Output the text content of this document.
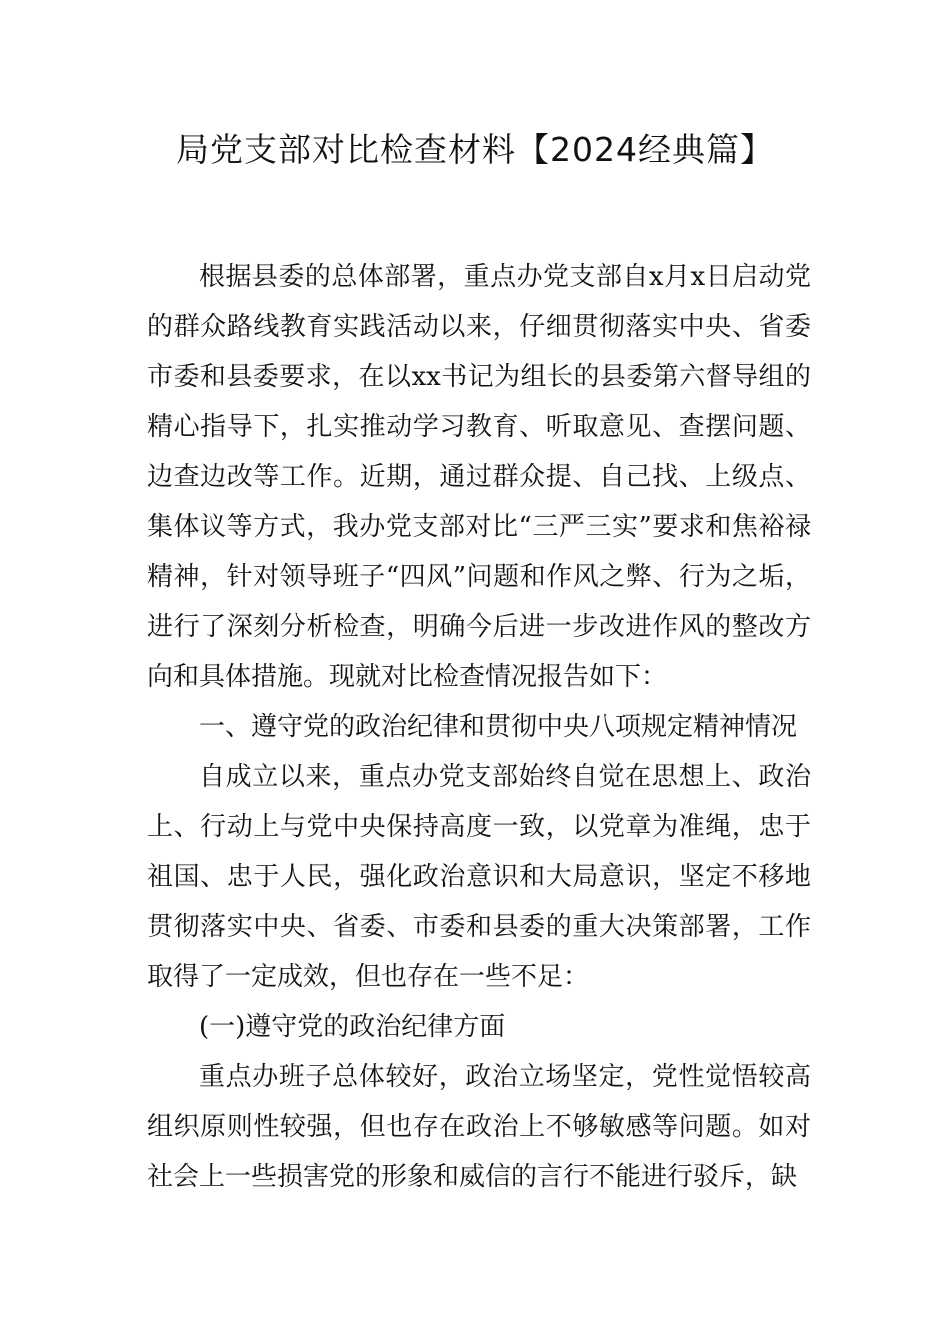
局党支部对比检查材料【2024经典篇】

根据县委的总体部署，重点办党支部自x月x日启动党的群众路线教育实践活动以来，仔细贯彻落实中央、省委市委和县委要求，在以xx书记为组长的县委第六督导组的精心指导下，扎实推动学习教育、听取意见、查摆问题、边查边改等工作。近期，通过群众提、自己找、上级点、集体议等方式，我办党支部对比“三严三实”要求和焦裕禄精神，针对领导班子“四风”问题和作风之弊、行为之垢，进行了深刻分析检查，明确今后进一步改进作风的整改方向和具体措施。现就对比检查情况报告如下：

一、遵守党的政治纪律和贯彻中央八项规定精神情况

自成立以来，重点办党支部始终自觉在思想上、政治上、行动上与党中央保持高度一致，以党章为准绳，忠于祖国、忠于人民，强化政治意识和大局意识，坚定不移地贯彻落实中央、省委、市委和县委的重大决策部署，工作取得了一定成效，但也存在一些不足：

(一)遵守党的政治纪律方面

重点办班子总体较好，政治立场坚定，党性觉悟较高组织原则性较强，但也存在政治上不够敏感等问题。如对社会上一些损害党的形象和威信的言行不能进行驳斥，缺
